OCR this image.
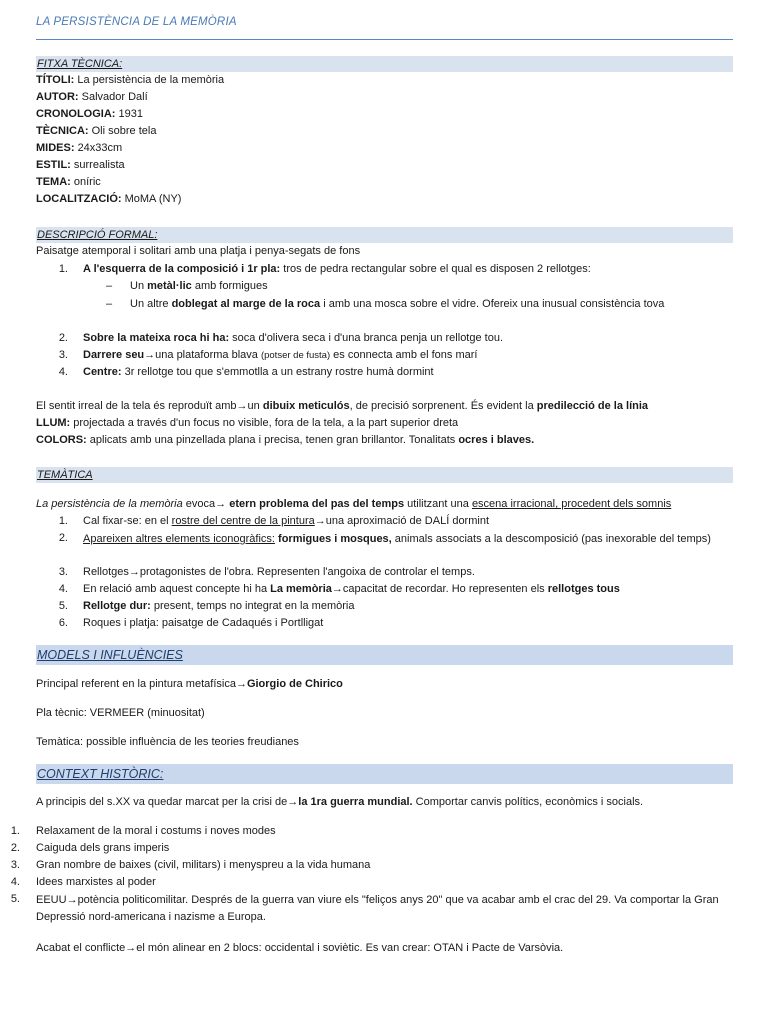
LA PERSISTÈNCIA DE LA MEMÒRIA
FITXA TÈCNICA:
TÍTOLI: La persistència de la memòria
AUTOR: Salvador Dalí
CRONOLOGIA: 1931
TÈCNICA: Oli sobre tela
MIDES: 24x33cm
ESTIL: surrealista
TEMA: oníric
LOCALITZACIÓ: MoMA (NY)
DESCRIPCIÓ FORMAL:
Paisatge atemporal i solitari amb una platja i penya-segats de fons
1. A l'esquerra de la composició i 1r pla: tros de pedra rectangular sobre el qual es disposen 2 rellotges:
– Un metàl·lic amb formigues
– Un altre doblegat al marge de la roca i amb una mosca sobre el vidre. Ofereix una inusual consistència tova
2. Sobre la mateixa roca hi ha: soca d'olivera seca i d'una branca penja un rellotge tou.
3. Darrere seu→una plataforma blava (potser de fusta) es connecta amb el fons marí
4. Centre: 3r rellotge tou que s'emmotlla a un estrany rostre humà dormint
El sentit irreal de la tela és reproduït amb→un dibuix meticulós, de precisió sorprenent. És evident la predilecció de la línia
LLUM: projectada a través d'un focus no visible, fora de la tela, a la part superior dreta
COLORS: aplicats amb una pinzellada plana i precisa, tenen gran brillantor. Tonalitats ocres i blaves.
TEMÀTICA
La persistència de la memòria evoca→ etern problema del pas del temps utilitzant una escena irracional, procedent dels somnis
1. Cal fixar-se: en el rostre del centre de la pintura→una aproximació de DALÍ dormint
2. Apareixen altres elements iconogràfics: formigues i mosques, animals associats a la descomposició (pas inexorable del temps)
3. Rellotges→protagonistes de l'obra. Representen l'angoixa de controlar el temps.
4. En relació amb aquest concepte hi ha La memòria→capacitat de recordar. Ho representen els rellotges tous
5. Rellotge dur: present, temps no integrat en la memòria
6. Roques i platja: paisatge de Cadaqués i Portlligat
MODELS I INFLUÈNCIES
Principal referent en la pintura metafísica→Giorgio de Chirico
Pla tècnic: VERMEER (minuositat)
Temàtica: possible influència de les teories freudianes
CONTEXT HISTÒRIC:
A principis del s.XX va quedar marcat per la crisi de→la 1ra guerra mundial. Comportar canvis polítics, econòmics i socials.
1. Relaxament de la moral i costums i noves modes
2. Caiguda dels grans imperis
3. Gran nombre de baixes (civil, militars) i menyspreu a la vida humana
4. Idees marxistes al poder
5. EEUU→potència politicomilitar. Després de la guerra van viure els "feliços anys 20" que va acabar amb el crac del 29. Va comportar la Gran Depressió nord-americana i nazisme a Europa.
Acabat el conflicte→el món alinear en 2 blocs: occidental i soviètic. Es van crear: OTAN i Pacte de Varsòvia.
